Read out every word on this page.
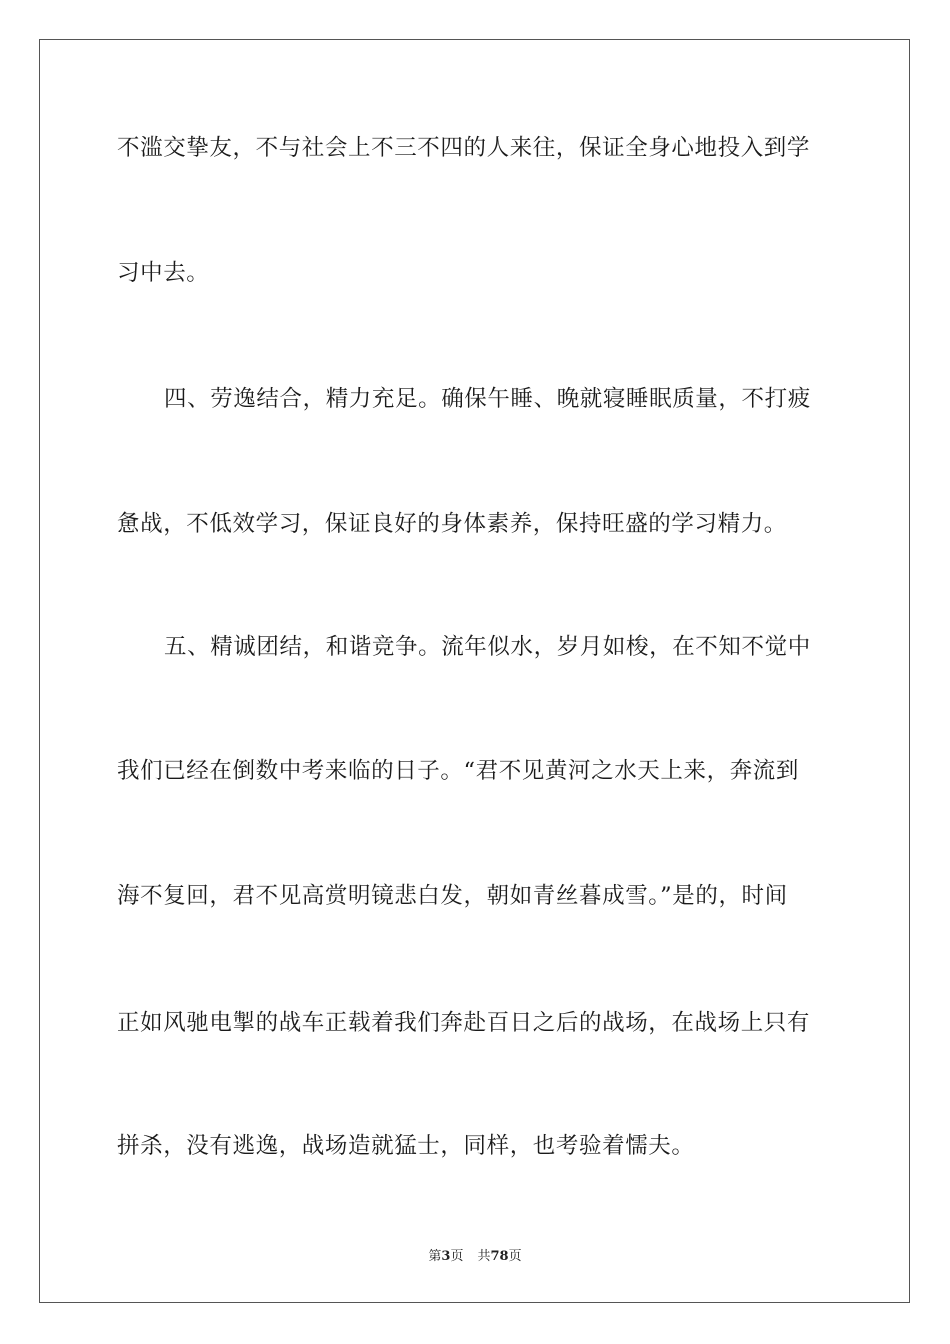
不滥交挚友，不与社会上不三不四的人来往，保证全身心地投入到学
习中去。
四、劳逸结合，精力充足。确保午睡、晚就寝睡眠质量，不打疲
惫战，不低效学习，保证良好的身体素养，保持旺盛的学习精力。
五、精诚团结，和谐竞争。流年似水，岁月如梭，在不知不觉中
我们已经在倒数中考来临的日子。“君不见黄河之水天上来，奔流到
海不复回，君不见高赏明镜悲白发，朝如青丝暮成雪。”是的，时间
正如风驰电掣的战车正载着我们奔赴百日之后的战场，在战场上只有
拼杀，没有逃逸，战场造就猛士，同样，也考验着懦夫。
第3页 共78页
